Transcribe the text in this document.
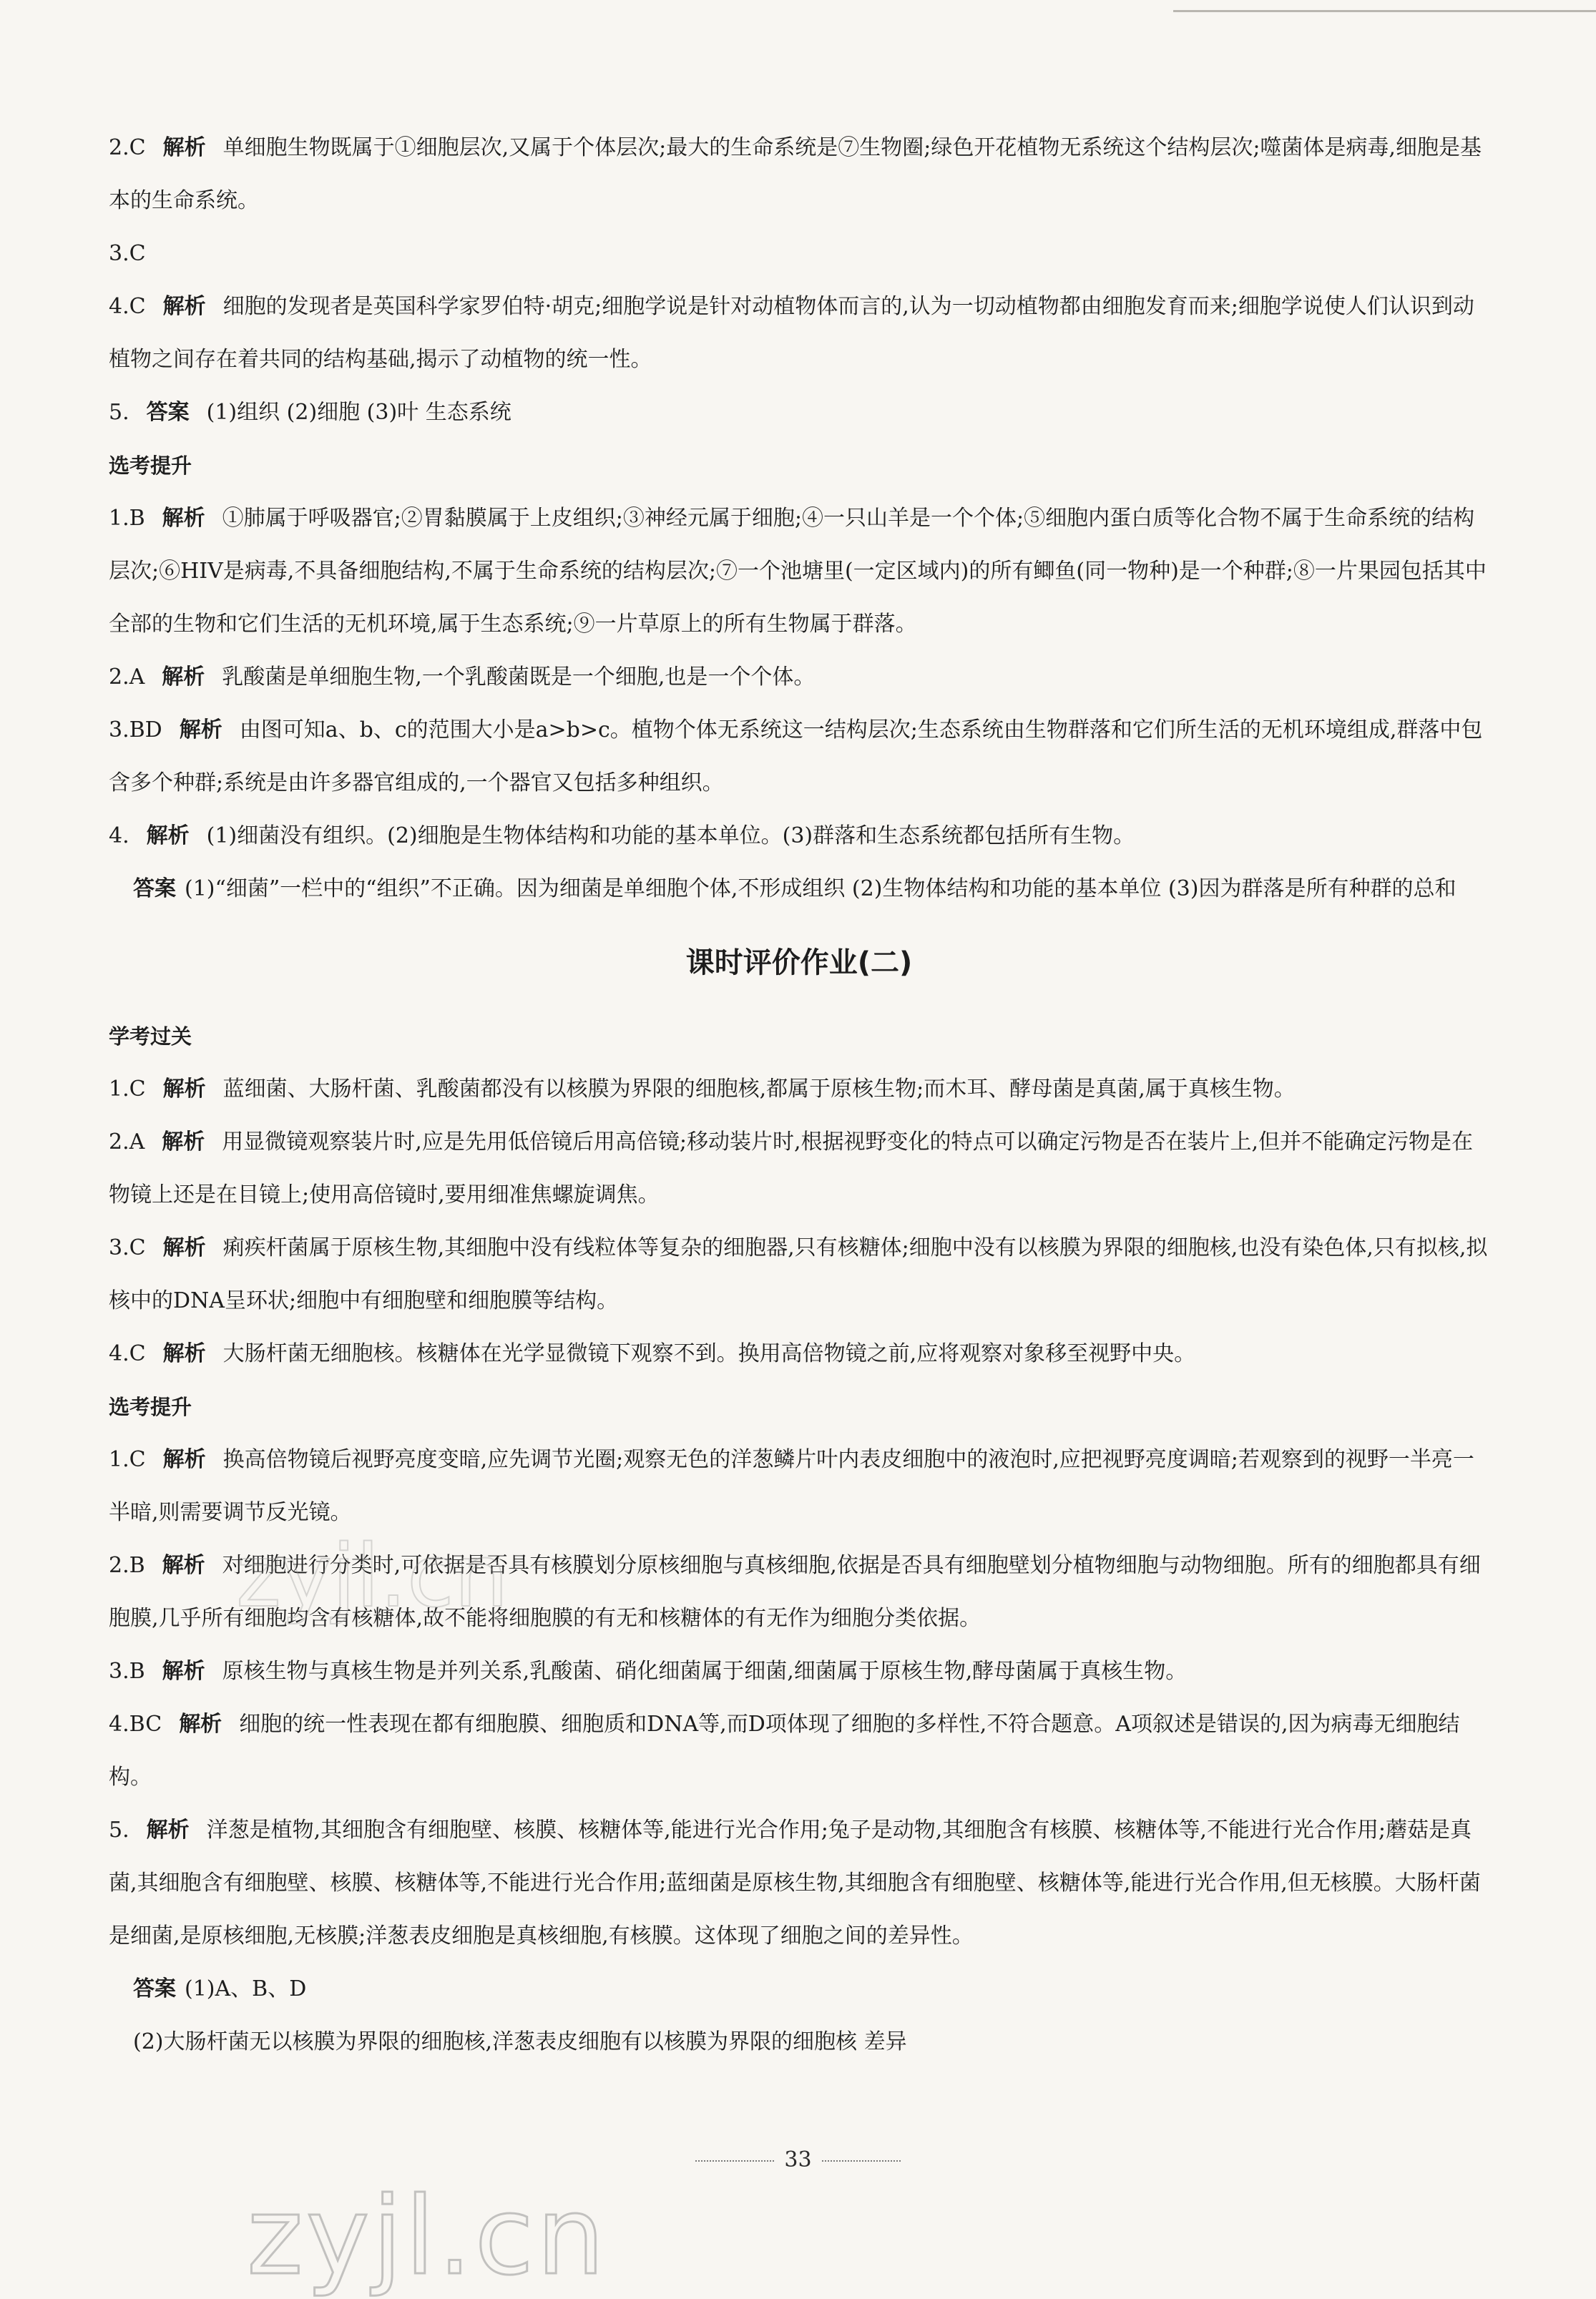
2.C 解析 单细胞生物既属于①细胞层次,又属于个体层次;最大的生命系统是⑦生物圈;绿色开花植物无系统这个结构层次;噬菌体是病毒,细胞是基本的生命系统。

3.C

4.C 解析 细胞的发现者是英国科学家罗伯特·胡克;细胞学说是针对动植物体而言的,认为一切动植物都由细胞发育而来;细胞学说使人们认识到动植物之间存在着共同的结构基础,揭示了动植物的统一性。

5. 答案 (1)组织 (2)细胞 (3)叶 生态系统

选考提升

1.B 解析 ①肺属于呼吸器官;②胃黏膜属于上皮组织;③神经元属于细胞;④一只山羊是一个个体;⑤细胞内蛋白质等化合物不属于生命系统的结构层次;⑥HIV是病毒,不具备细胞结构,不属于生命系统的结构层次;⑦一个池塘里(一定区域内)的所有鲫鱼(同一物种)是一个种群;⑧一片果园包括其中全部的生物和它们生活的无机环境,属于生态系统;⑨一片草原上的所有生物属于群落。

2.A 解析 乳酸菌是单细胞生物,一个乳酸菌既是一个细胞,也是一个个体。

3.BD 解析 由图可知a、b、c的范围大小是a>b>c。植物个体无系统这一结构层次;生态系统由生物群落和它们所生活的无机环境组成,群落中包含多个种群;系统是由许多器官组成的,一个器官又包括多种组织。

4. 解析 (1)细菌没有组织。(2)细胞是生物体结构和功能的基本单位。(3)群落和生态系统都包括所有生物。

答案 (1)“细菌”一栏中的“组织”不正确。因为细菌是单细胞个体,不形成组织 (2)生物体结构和功能的基本单位 (3)因为群落是所有种群的总和

课时评价作业(二)

学考过关

1.C 解析 蓝细菌、大肠杆菌、乳酸菌都没有以核膜为界限的细胞核,都属于原核生物;而木耳、酵母菌是真菌,属于真核生物。

2.A 解析 用显微镜观察装片时,应是先用低倍镜后用高倍镜;移动装片时,根据视野变化的特点可以确定污物是否在装片上,但并不能确定污物是在物镜上还是在目镜上;使用高倍镜时,要用细准焦螺旋调焦。

3.C 解析 痢疾杆菌属于原核生物,其细胞中没有线粒体等复杂的细胞器,只有核糖体;细胞中没有以核膜为界限的细胞核,也没有染色体,只有拟核,拟核中的DNA呈环状;细胞中有细胞壁和细胞膜等结构。

4.C 解析 大肠杆菌无细胞核。核糖体在光学显微镜下观察不到。换用高倍物镜之前,应将观察对象移至视野中央。

选考提升

1.C 解析 换高倍物镜后视野亮度变暗,应先调节光圈;观察无色的洋葱鳞片叶内表皮细胞中的液泡时,应把视野亮度调暗;若观察到的视野一半亮一半暗,则需要调节反光镜。

2.B 解析 对细胞进行分类时,可依据是否具有核膜划分原核细胞与真核细胞,依据是否具有细胞壁划分植物细胞与动物细胞。所有的细胞都具有细胞膜,几乎所有细胞均含有核糖体,故不能将细胞膜的有无和核糖体的有无作为细胞分类依据。

3.B 解析 原核生物与真核生物是并列关系,乳酸菌、硝化细菌属于细菌,细菌属于原核生物,酵母菌属于真核生物。

4.BC 解析 细胞的统一性表现在都有细胞膜、细胞质和DNA等,而D项体现了细胞的多样性,不符合题意。A项叙述是错误的,因为病毒无细胞结构。

5. 解析 洋葱是植物,其细胞含有细胞壁、核膜、核糖体等,能进行光合作用;兔子是动物,其细胞含有核膜、核糖体等,不能进行光合作用;蘑菇是真菌,其细胞含有细胞壁、核膜、核糖体等,不能进行光合作用;蓝细菌是原核生物,其细胞含有细胞壁、核糖体等,能进行光合作用,但无核膜。大肠杆菌是细菌,是原核细胞,无核膜;洋葱表皮细胞是真核细胞,有核膜。这体现了细胞之间的差异性。

答案 (1)A、B、D

(2)大肠杆菌无以核膜为界限的细胞核,洋葱表皮细胞有以核膜为界限的细胞核 差异

zyjl.cn
33
zyjl.cn
